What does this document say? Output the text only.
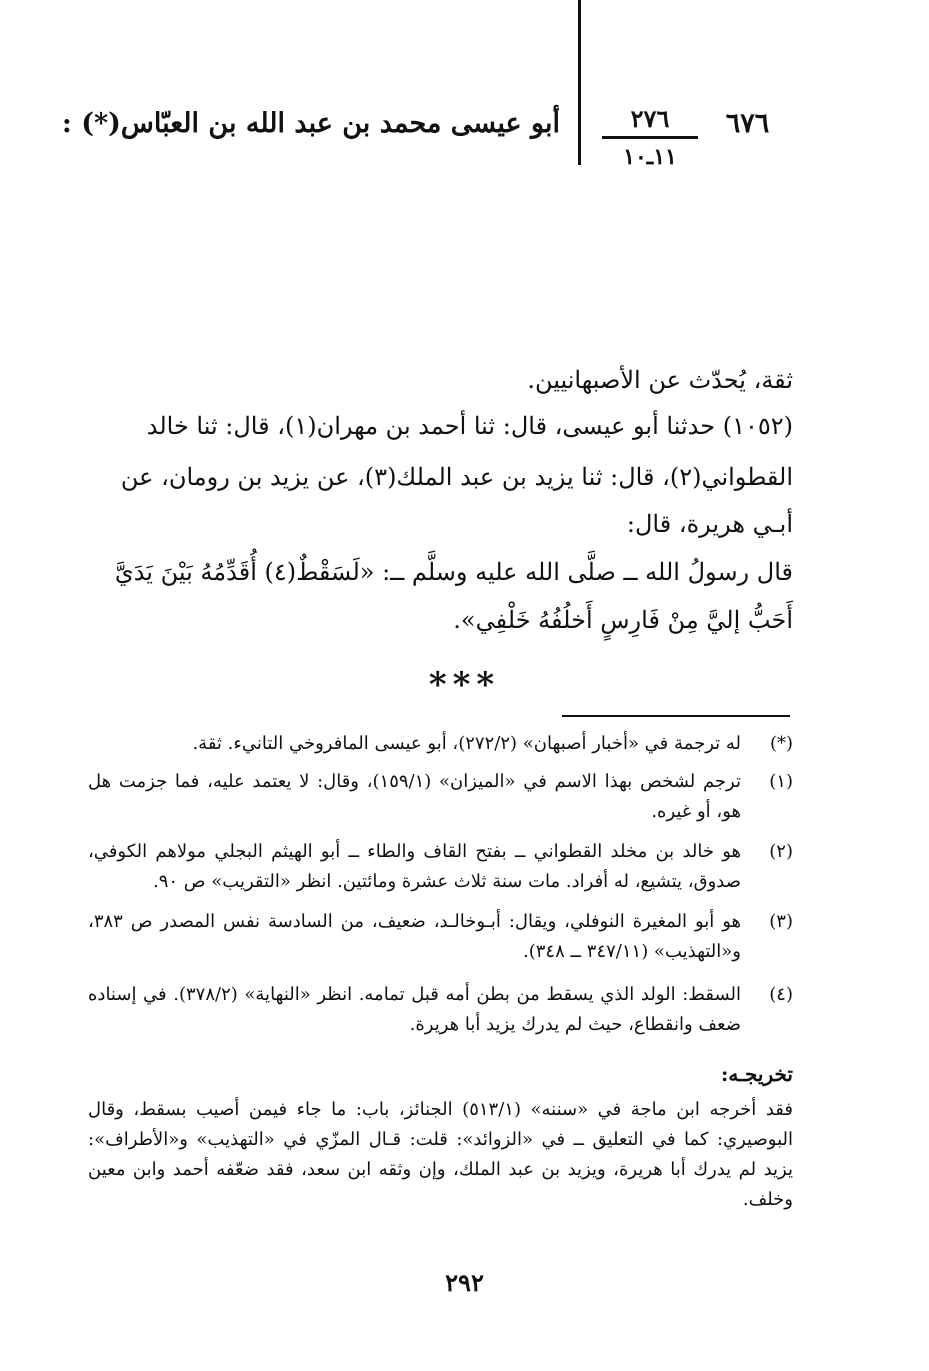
٦٧٦
٢٧٦
١١ـ١٠
أبو عيسى محمد بن عبد الله بن العبّاس(*) :
ثقة، يُحدّث عن الأصبهانيين.
(١٠٥٢) حدثنا أبو عيسى، قال: ثنا أحمد بن مهران(١)، قال: ثنا خالد
القطواني(٢)، قال: ثنا يزيد بن عبد الملك(٣)، عن يزيد بن رومان، عن
أبـي هريرة، قال:
قال رسولُ الله ــ صلَّى الله عليه وسلَّم ــ: «لَسَقْطٌ(٤) أُقَدِّمُهُ بَيْنَ يَدَيَّ
أَحَبُّ إليَّ مِنْ فَارِسٍ أَخلُفُهُ خَلْفِي».
***
(*)
له ترجمة في «أخبار أصبهان» (٢٧٢/٢)، أبو عيسى المافروخي التانيء. ثقة.
(١)
ترجم لشخص بهذا الاسم في «الميزان» (١٥٩/١)، وقال: لا يعتمد عليه، فما جزمت هل هو، أو غيره.
(٢)
هو خالد بن مخلد القطواني ــ بفتح القاف والطاء ــ أبو الهيثم البجلي مولاهم الكوفي، صدوق، يتشيع، له أفراد. مات سنة ثلاث عشرة ومائتين. انظر «التقريب» ص ٩٠.
(٣)
هو أبو المغيرة النوفلي، ويقال: أبـوخالـد، ضعيف، من السادسة نفس المصدر ص ٣٨٣، و«التهذيب» (٣٤٧/١١ ــ ٣٤٨).
(٤)
السقط: الولد الذي يسقط من بطن أمه قبل تمامه. انظر «النهاية» (٣٧٨/٢). في إسناده ضعف وانقطاع، حيث لم يدرك يزيد أبا هريرة.
تخريجـه:
فقد أخرجه ابن ماجة في «سننه» (٥١٣/١) الجنائز، باب: ما جاء فيمن أصيب بسقط، وقال البوصيري: كما في التعليق ــ في «الزوائد»: قلت: قـال المزّي في «التهذيب» و«الأطراف»: يزيد لم يدرك أبا هريرة، ويزيد بن عبد الملك، وإن وثقه ابن سعد، فقد ضعّفه أحمد وابن معين وخلف.
٢٩٢
